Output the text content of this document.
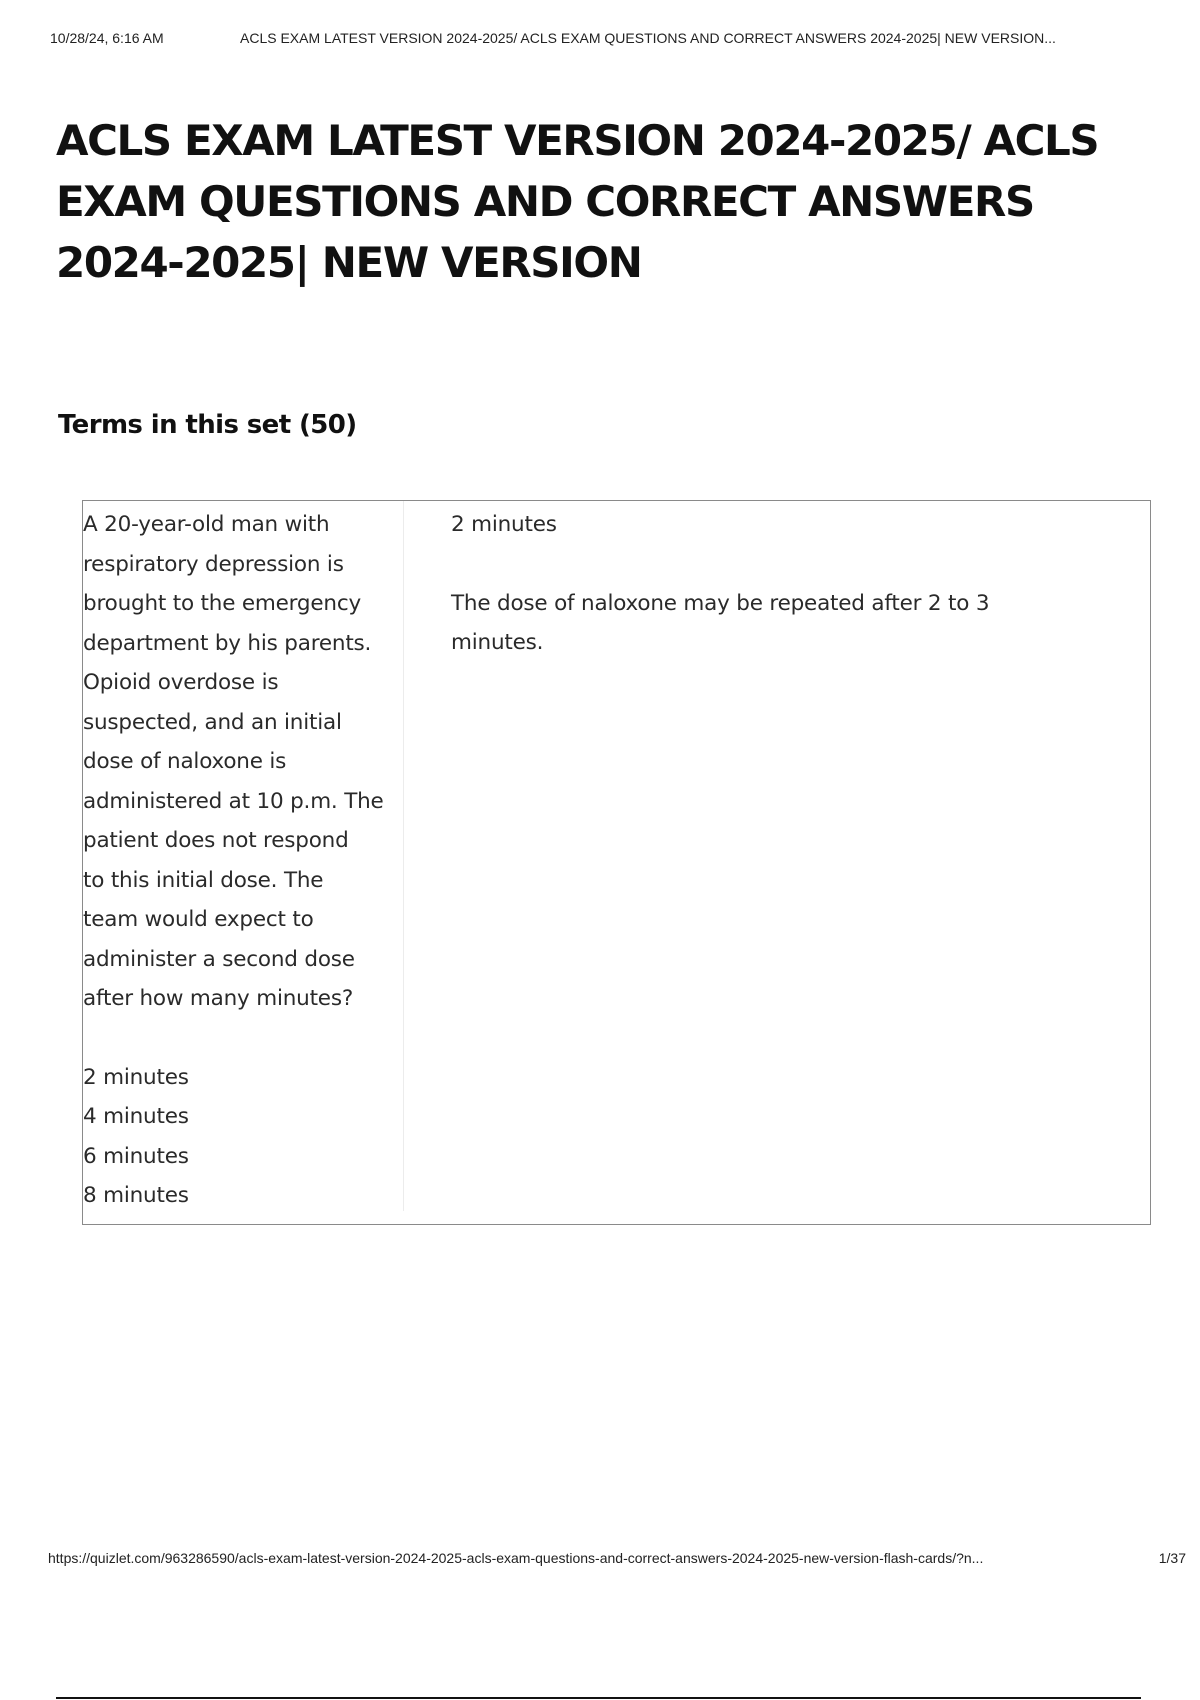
10/28/24, 6:16 AM	ACLS EXAM LATEST VERSION 2024-2025/ ACLS EXAM QUESTIONS AND CORRECT ANSWERS 2024-2025| NEW VERSION...
ACLS EXAM LATEST VERSION 2024-2025/ ACLS
EXAM QUESTIONS AND CORRECT ANSWERS
2024-2025| NEW VERSION
Terms in this set (50)
A 20-year-old man with
respiratory depression is
brought to the emergency
department by his parents.
Opioid overdose is
suspected, and an initial
dose of naloxone is
administered at 10 p.m. The
patient does not respond
to this initial dose. The
team would expect to
administer a second dose
after how many minutes?
2 minutes
4 minutes
6 minutes
8 minutes
2 minutes
The dose of naloxone may be repeated after 2 to 3
minutes.
https://quizlet.com/963286590/acls-exam-latest-version-2024-2025-acls-exam-questions-and-correct-answers-2024-2025-new-version-flash-cards/?n...	1/37
